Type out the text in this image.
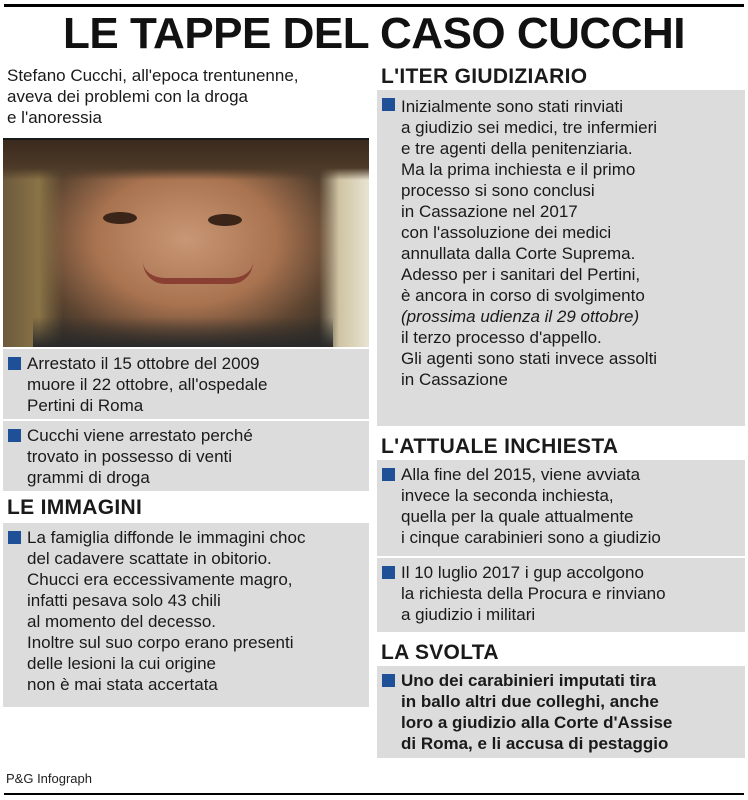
LE TAPPE DEL CASO CUCCHI
Stefano Cucchi, all'epoca trentunenne,
aveva dei problemi con la droga
e l'anoressia
Arrestato il 15 ottobre del 2009
muore il 22 ottobre, all'ospedale
Pertini di Roma
Cucchi viene arrestato perché
trovato in possesso di venti
grammi di droga
LE IMMAGINI
La famiglia diffonde le immagini choc
del cadavere scattate in obitorio.
Chucci era eccessivamente magro,
infatti pesava solo 43 chili
al momento del decesso.
Inoltre sul suo corpo erano presenti
delle lesioni la cui origine
non è mai stata accertata
L'ITER GIUDIZIARIO
Inizialmente sono stati rinviati
a giudizio sei medici, tre infermieri
e tre agenti della penitenziaria.
Ma la prima inchiesta e il primo
processo si sono conclusi
in Cassazione nel 2017
con l'assoluzione dei medici
annullata dalla Corte Suprema.
Adesso per i sanitari del Pertini,
è ancora in corso di svolgimento
(prossima udienza il 29 ottobre)
il terzo processo d'appello.
Gli agenti sono stati invece assolti
in Cassazione
L'ATTUALE INCHIESTA
Alla fine del 2015, viene avviata
invece la seconda inchiesta,
quella per la quale attualmente
i cinque carabinieri sono a giudizio
Il 10 luglio 2017 i gup accolgono
la richiesta della Procura e rinviano
a giudizio i militari
LA SVOLTA
Uno dei carabinieri imputati tira
in ballo altri due colleghi, anche
loro a giudizio alla Corte d'Assise
di Roma, e li accusa di pestaggio
P&G Infograph
